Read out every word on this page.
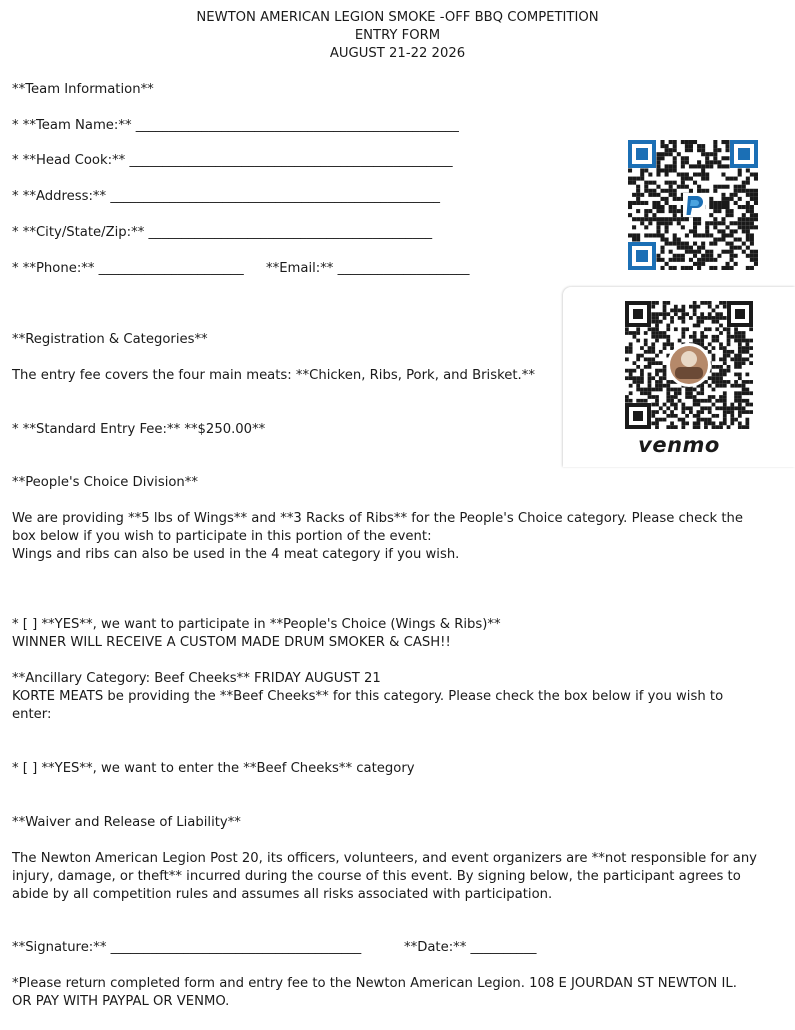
NEWTON AMERICAN LEGION SMOKE -OFF BBQ COMPETITION
ENTRY FORM
AUGUST 21-22 2026
**Team Information**
* **Team Name:** _________________________________________________
* **Head Cook:** _________________________________________________
* **Address:** __________________________________________________
* **City/State/Zip:** ___________________________________________
* **Phone:** ______________________ **Email:** ____________________
**Registration & Categories**
The entry fee covers the four main meats: **Chicken, Ribs, Pork, and Brisket.**
* **Standard Entry Fee:** **$250.00**
**People's Choice Division**
We are providing **5 lbs of Wings** and **3 Racks of Ribs** for the People's Choice category. Please check the
box below if you wish to participate in this portion of the event:
Wings and ribs can also be used in the 4 meat category if you wish.
* [ ] **YES**, we want to participate in **People's Choice (Wings & Ribs)**
WINNER WILL RECEIVE A CUSTOM MADE DRUM SMOKER & CASH!!
**Ancillary Category: Beef Cheeks** FRIDAY AUGUST 21
KORTE MEATS be providing the **Beef Cheeks** for this category. Please check the box below if you wish to
enter:
* [ ] **YES**, we want to enter the **Beef Cheeks** category
**Waiver and Release of Liability**
The Newton American Legion Post 20, its officers, volunteers, and event organizers are **not responsible for any
injury, damage, or theft** incurred during the course of this event. By signing below, the participant agrees to
abide by all competition rules and assumes all risks associated with participation.
**Signature:** ______________________________________	**Date:** __________
*Please return completed form and entry fee to the Newton American Legion. 108 E JOURDAN ST NEWTON IL.
OR PAY WITH PAYPAL OR VENMO.
venmo
